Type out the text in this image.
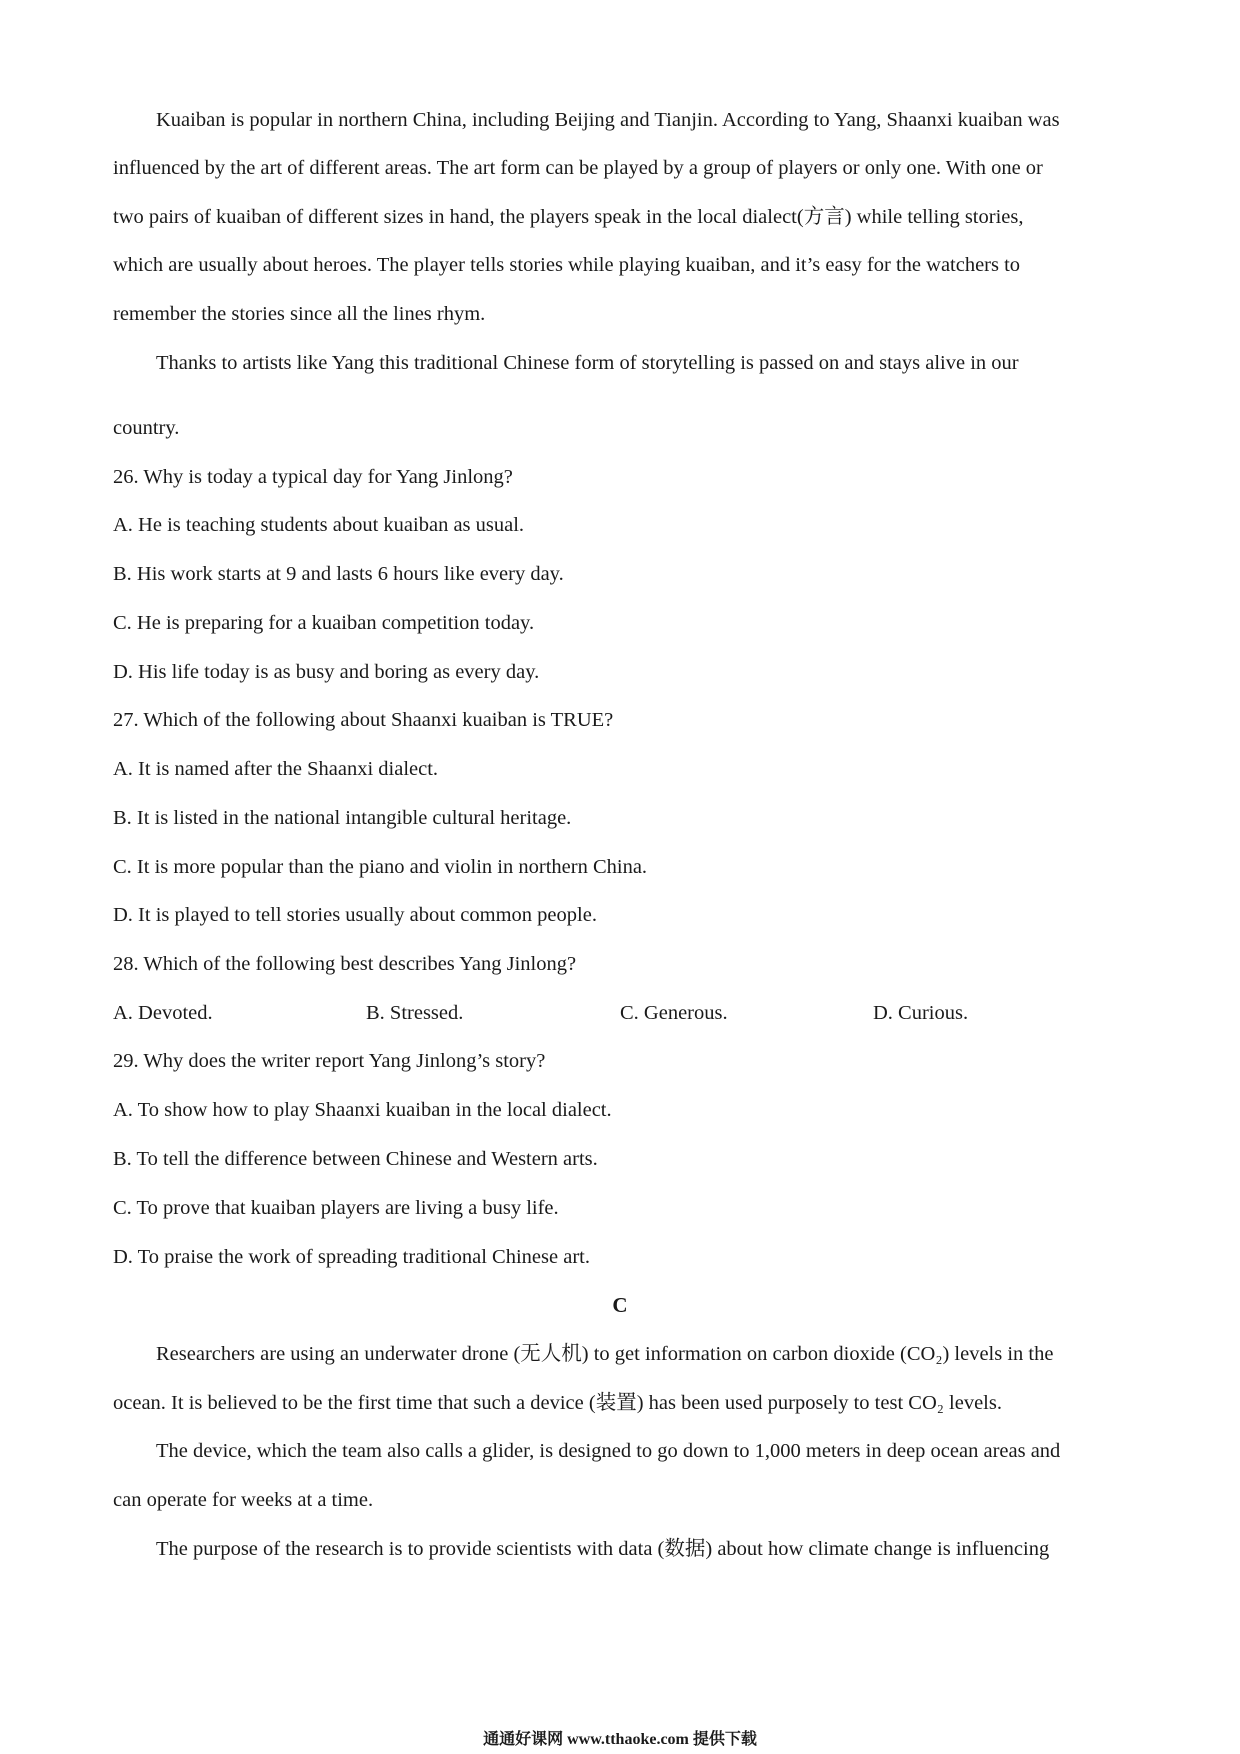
Kuaiban is popular in northern China, including Beijing and Tianjin. According to Yang, Shaanxi kuaiban was
influenced by the art of different areas. The art form can be played by a group of players or only one. With one or
two pairs of kuaiban of different sizes in hand, the players speak in the local dialect(方言) while telling stories,
which are usually about heroes. The player tells stories while playing kuaiban, and it’s easy for the watchers to
remember the stories since all the lines rhym.
Thanks to artists like Yang this traditional Chinese form of storytelling is passed on and stays alive in our
country.
26. Why is today a typical day for Yang Jinlong?
A. He is teaching students about kuaiban as usual.
B. His work starts at 9 and lasts 6 hours like every day.
C. He is preparing for a kuaiban competition today.
D. His life today is as busy and boring as every day.
27. Which of the following about Shaanxi kuaiban is TRUE?
A. It is named after the Shaanxi dialect.
B. It is listed in the national intangible cultural heritage.
C. It is more popular than the piano and violin in northern China.
D. It is played to tell stories usually about common people.
28. Which of the following best describes Yang Jinlong?
A. Devoted.	B. Stressed.	C. Generous.	D. Curious.
29. Why does the writer report Yang Jinlong’s story?
A. To show how to play Shaanxi kuaiban in the local dialect.
B. To tell the difference between Chinese and Western arts.
C. To prove that kuaiban players are living a busy life.
D. To praise the work of spreading traditional Chinese art.
C
Researchers are using an underwater drone (无人机) to get information on carbon dioxide (CO₂) levels in the
ocean. It is believed to be the first time that such a device (装置) has been used purposely to test CO₂ levels.
The device, which the team also calls a glider, is designed to go down to 1,000 meters in deep ocean areas and
can operate for weeks at a time.
The purpose of the research is to provide scientists with data (数据) about how climate change is influencing
通通好课网 www.tthaoke.com 提供下载
